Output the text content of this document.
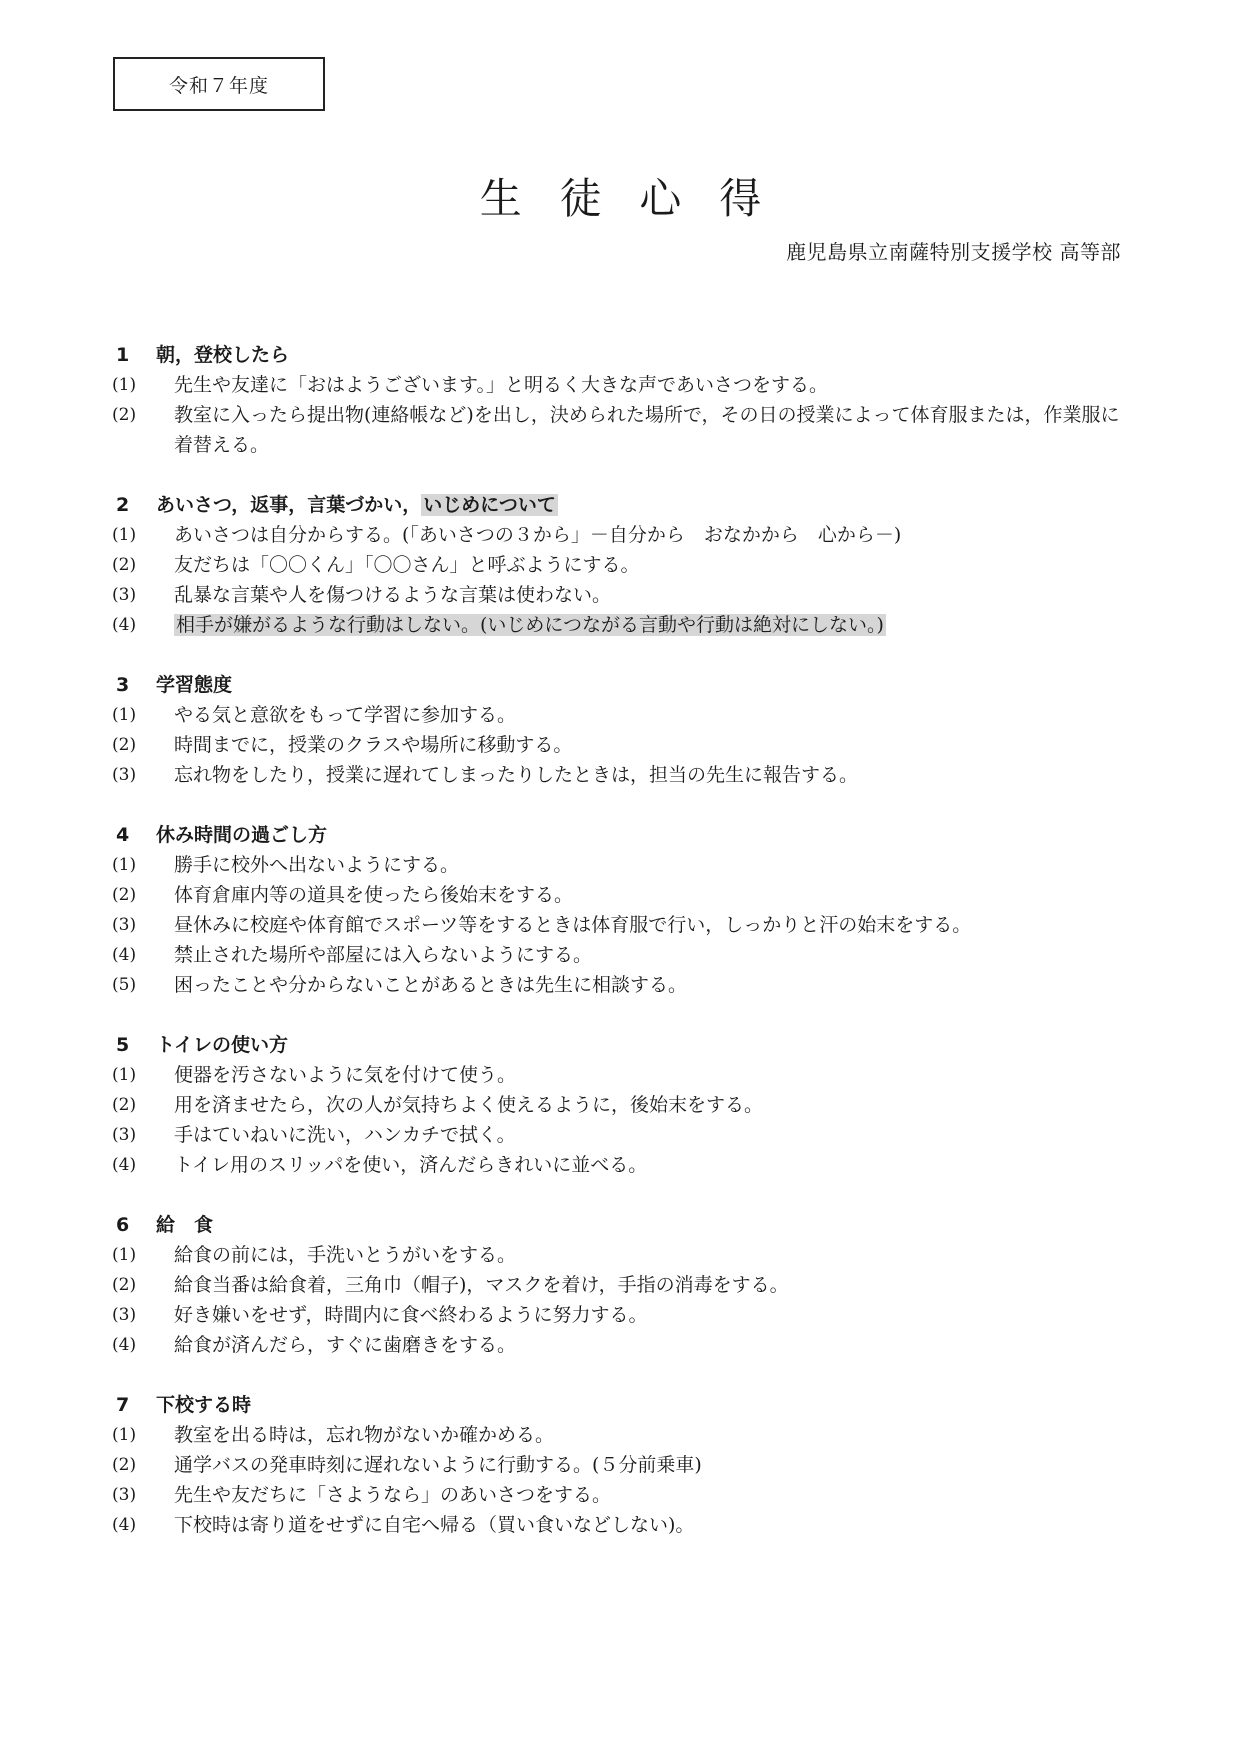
令和７年度
生徒心得
鹿児島県立南薩特別支援学校 高等部
1 朝，登校したら
(1)	先生や友達に「おはようございます。」と明るく大きな声であいさつをする。
(2)	教室に入ったら提出物(連絡帳など)を出し，決められた場所で，その日の授業によって体育服または，作業服に着替える。
2 あいさつ，返事，言葉づかい， いじめについて
(1)	あいさつは自分からする。(「あいさつの３から」－自分から　おなかから　心から－)
(2)	友だちは「〇〇くん」「〇〇さん」と呼ぶようにする。
(3)	乱暴な言葉や人を傷つけるような言葉は使わない。
(4)	相手が嫌がるような行動はしない。(いじめにつながる言動や行動は絶対にしない。)
3 学習態度
(1)	やる気と意欲をもって学習に参加する。
(2)	時間までに，授業のクラスや場所に移動する。
(3)	忘れ物をしたり，授業に遅れてしまったりしたときは，担当の先生に報告する。
4 休み時間の過ごし方
(1)	勝手に校外へ出ないようにする。
(2)	体育倉庫内等の道具を使ったら後始末をする。
(3)	昼休みに校庭や体育館でスポーツ等をするときは体育服で行い，しっかりと汗の始末をする。
(4)	禁止された場所や部屋には入らないようにする。
(5)	困ったことや分からないことがあるときは先生に相談する。
5 トイレの使い方
(1)	便器を汚さないように気を付けて使う。
(2)	用を済ませたら，次の人が気持ちよく使えるように，後始末をする。
(3)	手はていねいに洗い，ハンカチで拭く。
(4)	トイレ用のスリッパを使い，済んだらきれいに並べる。
6 給　食
(1)	給食の前には，手洗いとうがいをする。
(2)	給食当番は給食着，三角巾（帽子)，マスクを着け，手指の消毒をする。
(3)	好き嫌いをせず，時間内に食べ終わるように努力する。
(4)	給食が済んだら，すぐに歯磨きをする。
7 下校する時
(1)	教室を出る時は，忘れ物がないか確かめる。
(2)	通学バスの発車時刻に遅れないように行動する。(５分前乗車)
(3)	先生や友だちに「さようなら」のあいさつをする。
(4)	下校時は寄り道をせずに自宅へ帰る（買い食いなどしない)。
